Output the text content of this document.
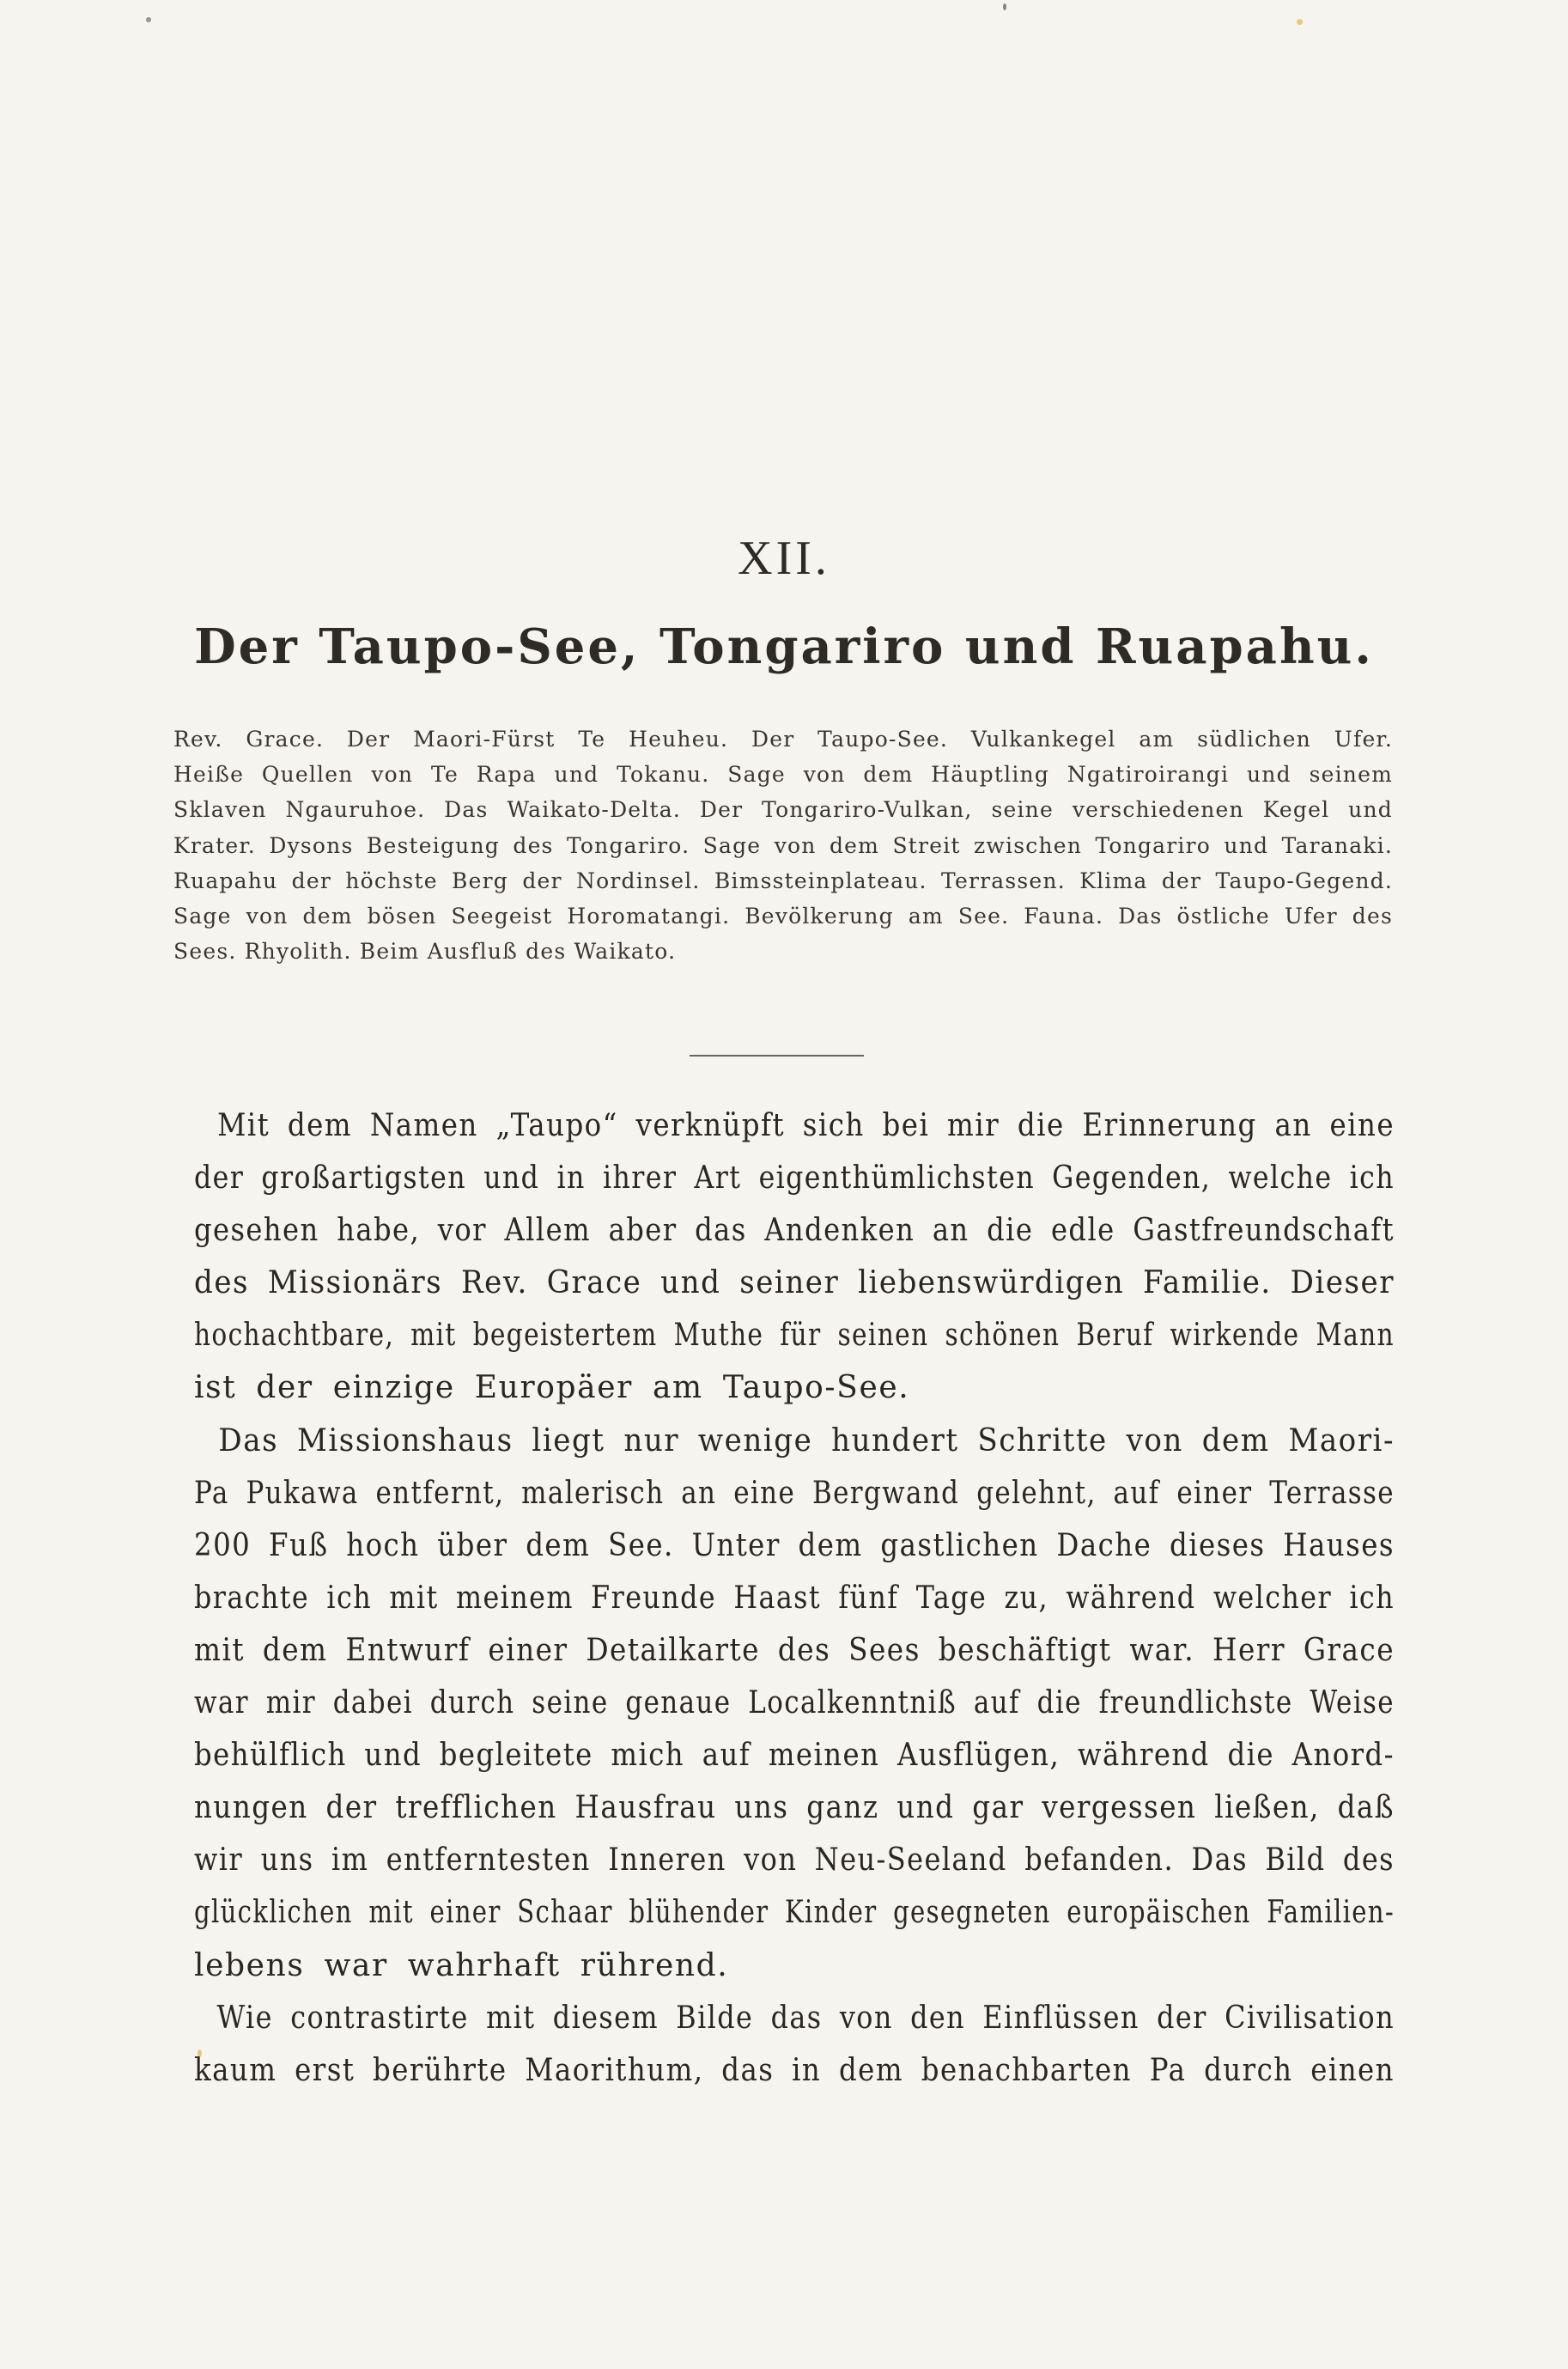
XII.
Der Taupo-See, Tongariro und Ruapahu.
Rev. Grace. Der Maori-Fürst Te Heuheu. Der Taupo-See. Vulkankegel am südlichen Ufer.
Heiße Quellen von Te Rapa und Tokanu. Sage von dem Häuptling Ngatiroirangi und seinem
Sklaven Ngauruhoe. Das Waikato-Delta. Der Tongariro-Vulkan, seine verschiedenen Kegel und
Krater. Dysons Besteigung des Tongariro. Sage von dem Streit zwischen Tongariro und Taranaki.
Ruapahu der höchste Berg der Nordinsel. Bimssteinplateau. Terrassen. Klima der Taupo-Gegend.
Sage von dem bösen Seegeist Horomatangi. Bevölkerung am See. Fauna. Das östliche Ufer des
Sees. Rhyolith. Beim Ausfluß des Waikato.
Mit dem Namen „Taupo“ verknüpft sich bei mir die Erinnerung an eine
der großartigsten und in ihrer Art eigenthümlichsten Gegenden, welche ich
gesehen habe, vor Allem aber das Andenken an die edle Gastfreundschaft
des Missionärs Rev. Grace und seiner liebenswürdigen Familie. Dieser
hochachtbare, mit begeistertem Muthe für seinen schönen Beruf wirkende Mann
ist der einzige Europäer am Taupo-See.
Das Missionshaus liegt nur wenige hundert Schritte von dem Maori-
Pa Pukawa entfernt, malerisch an eine Bergwand gelehnt, auf einer Terrasse
200 Fuß hoch über dem See. Unter dem gastlichen Dache dieses Hauses
brachte ich mit meinem Freunde Haast fünf Tage zu, während welcher ich
mit dem Entwurf einer Detailkarte des Sees beschäftigt war. Herr Grace
war mir dabei durch seine genaue Localkenntniß auf die freundlichste Weise
behülflich und begleitete mich auf meinen Ausflügen, während die Anord-
nungen der trefflichen Hausfrau uns ganz und gar vergessen ließen, daß
wir uns im entferntesten Inneren von Neu-Seeland befanden. Das Bild des
glücklichen mit einer Schaar blühender Kinder gesegneten europäischen Familien-
lebens war wahrhaft rührend.
Wie contrastirte mit diesem Bilde das von den Einflüssen der Civilisation
kaum erst berührte Maorithum, das in dem benachbarten Pa durch einen
